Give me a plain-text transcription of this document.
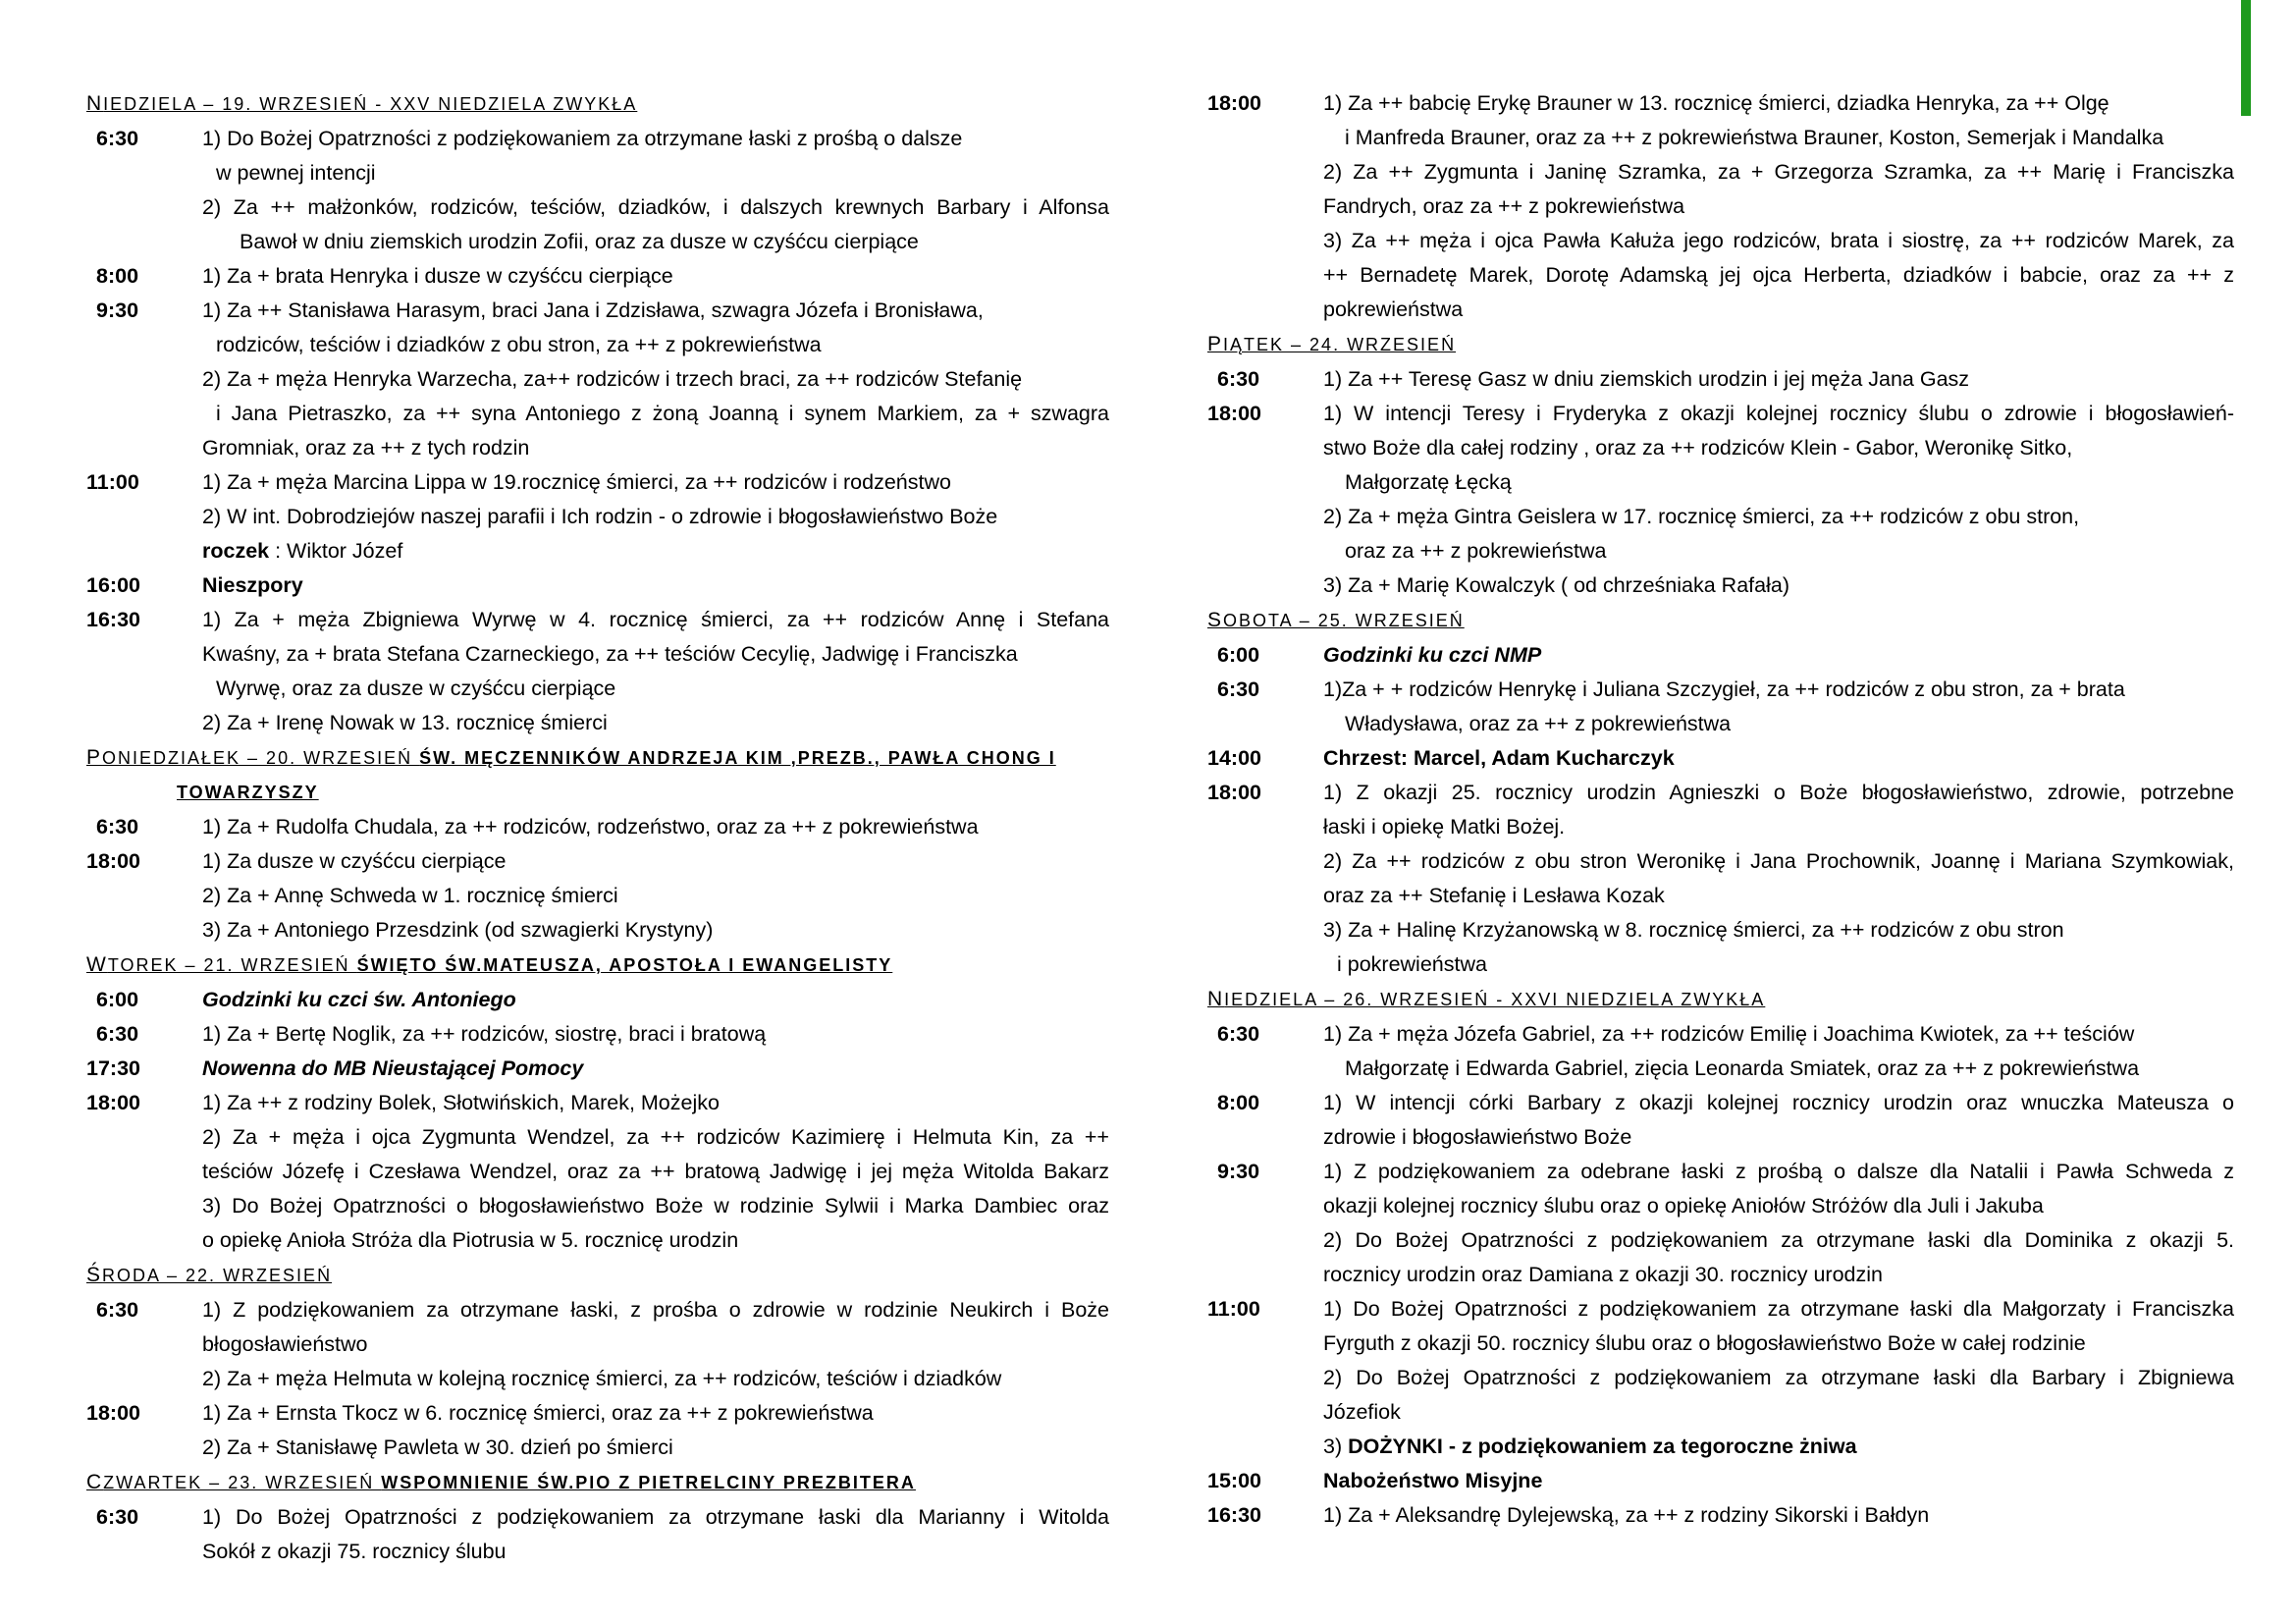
NIEDZIELA – 19. WRZESIEŃ - XXV NIEDZIELA ZWYKŁA
6:30	1) Do Bożej Opatrzności z podziękowaniem za otrzymane łaski z prośbą o dalsze
w pewnej intencji
2) Za ++ małżonków, rodziców, teściów, dziadków, i dalszych krewnych Barbary i Alfonsa
Bawoł w dniu ziemskich urodzin Zofii, oraz za dusze w czyśćcu cierpiące
8:00	1) Za + brata Henryka i dusze w czyśćcu cierpiące
9:30	1) Za ++ Stanisława Harasym, braci Jana i Zdzisława, szwagra Józefa i Bronisława,
rodziców, teściów i dziadków z obu stron, za ++ z pokrewieństwa
2) Za + męża Henryka Warzecha, za++ rodziców i trzech braci, za ++ rodziców Stefanię
i Jana Pietraszko, za ++ syna Antoniego z żoną Joanną i synem Markiem, za + szwagra
Gromniak, oraz za ++ z tych rodzin
11:00	1) Za + męża Marcina Lippa w 19.rocznicę śmierci, za ++ rodziców i rodzeństwo
2) W int. Dobrodziejów naszej parafii i Ich rodzin - o zdrowie i błogosławieństwo Boże
roczek : Wiktor Józef
16:00	Nieszpory
16:30	1) Za + męża Zbigniewa Wyrwę w 4. rocznicę śmierci, za ++ rodziców Annę i Stefana
Kwaśny, za + brata Stefana Czarneckiego, za ++ teściów Cecylię, Jadwigę i Franciszka
Wyrwę, oraz za dusze w czyśćcu cierpiące
2) Za + Irenę Nowak w 13. rocznicę śmierci
PONIEDZIAŁEK – 20. WRZESIEŃ ŚW. MĘCZENNIKÓW ANDRZEJA KIM ,PREZB., PAWŁA CHONG I
TOWARZYSZY
6:30	1) Za + Rudolfa Chudala, za ++ rodziców, rodzeństwo, oraz za ++ z pokrewieństwa
18:00	1) Za dusze w czyśćcu cierpiące
2) Za + Annę Schweda w 1. rocznicę śmierci
3) Za + Antoniego Przesdzink (od szwagierki Krystyny)
WTOREK – 21. WRZESIEŃ ŚWIĘTO ŚW.MATEUSZA, APOSTOŁA I EWANGELISTY
6:00	Godzinki ku czci św. Antoniego
6:30	1) Za + Bertę Noglik, za ++ rodziców, siostrę, braci i bratową
17:30	Nowenna do MB Nieustającej Pomocy
18:00	1) Za ++ z rodziny Bolek, Słotwińskich, Marek, Możejko
2) Za + męża i ojca Zygmunta Wendzel, za ++ rodziców Kazimierę i Helmuta Kin, za ++
teściów Józefę i Czesława Wendzel, oraz za ++ bratową Jadwigę i jej męża Witolda Bakarz
3) Do Bożej Opatrzności o błogosławieństwo Boże w rodzinie Sylwii i Marka Dambiec oraz
o opiekę Anioła Stróża dla Piotrusia w 5. rocznicę urodzin
ŚRODA – 22. WRZESIEŃ
6:30	1) Z podziękowaniem za otrzymane łaski, z prośba o zdrowie w rodzinie Neukirch i Boże
błogosławieństwo
2) Za + męża Helmuta w kolejną rocznicę śmierci, za ++ rodziców, teściów i dziadków
18:00	1) Za + Ernsta Tkocz w 6. rocznicę śmierci, oraz za ++ z pokrewieństwa
2) Za + Stanisławę Pawleta w 30. dzień po śmierci
CZWARTEK – 23. WRZESIEŃ WSPOMNIENIE ŚW.PIO Z PIETRELCINY PREZBITERA
6:30	1) Do Bożej Opatrzności z podziękowaniem za otrzymane łaski dla Marianny i Witolda
Sokół z okazji 75. rocznicy ślubu
18:00	1) Za ++ babcię Erykę Brauner w 13. rocznicę śmierci, dziadka Henryka, za ++ Olgę
i Manfreda Brauner, oraz za ++ z pokrewieństwa Brauner, Koston, Semerjak i Mandalka
2) Za ++ Zygmunta i Janinę Szramka, za + Grzegorza Szramka, za ++ Marię i Franciszka
Fandrych, oraz za ++ z pokrewieństwa
3) Za ++ męża i ojca Pawła Kałuża jego rodziców, brata i siostrę, za ++ rodziców Marek, za
++ Bernadetę Marek, Dorotę Adamską jej ojca Herberta, dziadków i babcie, oraz za ++ z
pokrewieństwa
PIĄTEK – 24. WRZESIEŃ
6:30	1) Za ++ Teresę Gasz w dniu ziemskich urodzin i jej męża Jana Gasz
18:00	1) W intencji Teresy i Fryderyka z okazji kolejnej rocznicy ślubu o zdrowie i błogosławień-
stwo Boże dla całej rodziny , oraz za ++ rodziców Klein - Gabor, Weronikę Sitko,
Małgorzatę Łęcką
2) Za + męża Gintra Geislera w 17. rocznicę śmierci, za ++ rodziców z obu stron,
oraz za ++ z pokrewieństwa
3) Za + Marię Kowalczyk ( od chrześniaka Rafała)
SOBOTA – 25. WRZESIEŃ
6:00	Godzinki ku czci NMP
6:30	1)Za + + rodziców Henrykę i Juliana Szczygieł, za ++ rodziców z obu stron, za + brata
Władysława, oraz za ++ z pokrewieństwa
14:00	Chrzest: Marcel, Adam Kucharczyk
18:00	1) Z okazji 25. rocznicy urodzin Agnieszki o Boże błogosławieństwo, zdrowie, potrzebne
łaski i opiekę Matki Bożej.
2) Za ++ rodziców z obu stron Weronikę i Jana Prochownik, Joannę i Mariana Szymkowiak,
oraz za ++ Stefanię i Lesława Kozak
3) Za + Halinę Krzyżanowską w 8. rocznicę śmierci, za ++ rodziców z obu stron
i pokrewieństwa
NIEDZIELA – 26. WRZESIEŃ - XXVI NIEDZIELA ZWYKŁA
6:30	1) Za + męża Józefa Gabriel, za ++ rodziców Emilię i Joachima Kwiotek, za ++ teściów
Małgorzatę i Edwarda Gabriel, zięcia Leonarda Smiatek, oraz za ++ z pokrewieństwa
8:00	1) W intencji córki Barbary z okazji kolejnej rocznicy urodzin oraz wnuczka Mateusza o
zdrowie i błogosławieństwo Boże
9:30	1) Z podziękowaniem za odebrane łaski z prośbą o dalsze dla Natalii i Pawła Schweda z
okazji kolejnej rocznicy ślubu oraz o opiekę Aniołów Stróżów dla Juli i Jakuba
2) Do Bożej Opatrzności z podziękowaniem za otrzymane łaski dla Dominika z okazji 5.
rocznicy urodzin oraz Damiana z okazji 30. rocznicy urodzin
11:00	1) Do Bożej Opatrzności z podziękowaniem za otrzymane łaski dla Małgorzaty i Franciszka
Fyrguth z okazji 50. rocznicy ślubu oraz o błogosławieństwo Boże w całej rodzinie
2) Do Bożej Opatrzności z podziękowaniem za otrzymane łaski dla Barbary i Zbigniewa
Józefiok
3) DOŻYNKI - z podziękowaniem za tegoroczne żniwa
15:00	Nabożeństwo Misyjne
16:30	1) Za + Aleksandrę Dylejewską, za ++ z rodziny Sikorski i Bałdyn
